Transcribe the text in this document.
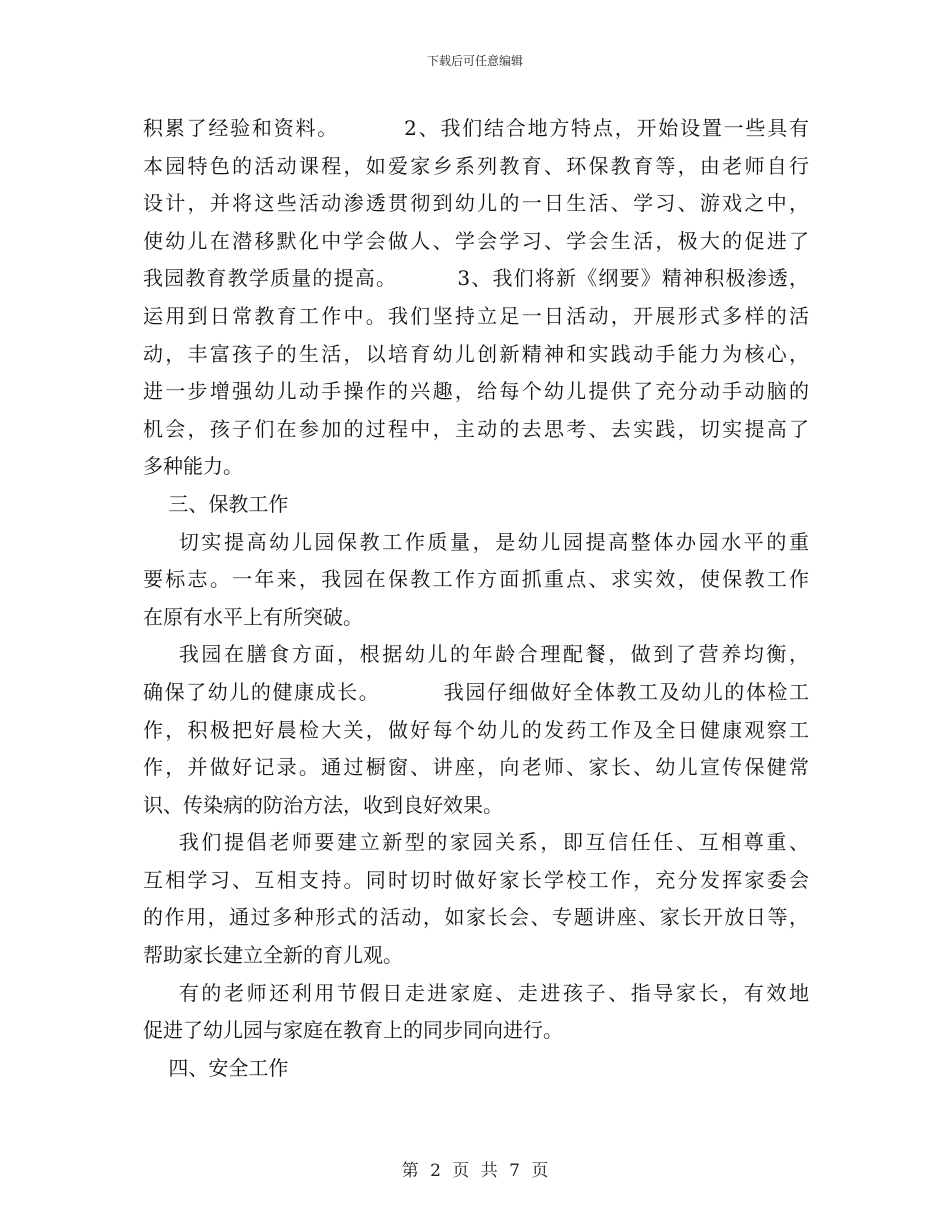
下载后可任意编辑
积累了经验和资料。        2、我们结合地方特点，开始设置一些具有
本园特色的活动课程，如爱家乡系列教育、环保教育等，由老师自行
设计，并将这些活动渗透贯彻到幼儿的一日生活、学习、游戏之中，
使幼儿在潜移默化中学会做人、学会学习、学会生活，极大的促进了
我园教育教学质量的提高。        3、我们将新《纲要》精神积极渗透，
运用到日常教育工作中。我们坚持立足一日活动，开展形式多样的活
动，丰富孩子的生活，以培育幼儿创新精神和实践动手能力为核心，
进一步增强幼儿动手操作的兴趣，给每个幼儿提供了充分动手动脑的
机会，孩子们在参加的过程中，主动的去思考、去实践，切实提高了
多种能力。
三、保教工作
切实提高幼儿园保教工作质量，是幼儿园提高整体办园水平的重
要标志。一年来，我园在保教工作方面抓重点、求实效，使保教工作
在原有水平上有所突破。
我园在膳食方面，根据幼儿的年龄合理配餐，做到了营养均衡，
确保了幼儿的健康成长。        我园仔细做好全体教工及幼儿的体检工
作，积极把好晨检大关，做好每个幼儿的发药工作及全日健康观察工
作，并做好记录。通过橱窗、讲座，向老师、家长、幼儿宣传保健常
识、传染病的防治方法，收到良好效果。
我们提倡老师要建立新型的家园关系，即互信任任、互相尊重、
互相学习、互相支持。同时切时做好家长学校工作，充分发挥家委会
的作用，通过多种形式的活动，如家长会、专题讲座、家长开放日等，
帮助家长建立全新的育儿观。
有的老师还利用节假日走进家庭、走进孩子、指导家长，有效地
促进了幼儿园与家庭在教育上的同步同向进行。
四、安全工作
第 2 页 共 7 页
